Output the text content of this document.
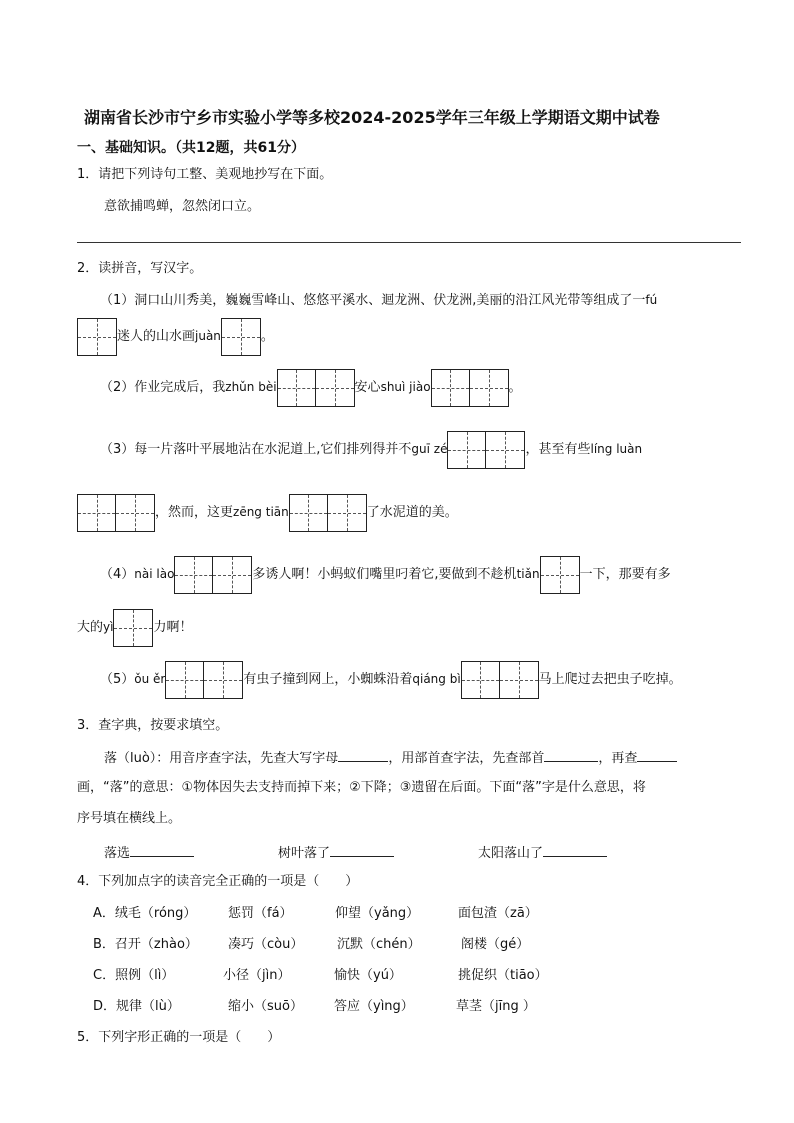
湖南省长沙市宁乡市实验小学等多校2024-2025学年三年级上学期语文期中试卷
一、基础知识。（共12题，共61分）
1．请把下列诗句工整、美观地抄写在下面。
意欲捕鸣蝉，忽然闭口立。
2．读拼音，写汉字。
（1）洞口山川秀美，巍巍雪峰山、悠悠平溪水、迴龙洲、伏龙洲,美丽的沿江风光带等组成了一fú
迷人的山水画juàn	。
（2）作业完成后，我zhǔn bèi	安心shuì jiào	。
（3）每一片落叶平展地沾在水泥道上,它们排列得并不guī zé	，甚至有些líng luàn
，然而，这更zēng tiān	了水泥道的美。
（4）nài lào	多诱人啊！小蚂蚁们嘴里叼着它,要做到不趁机tiǎn	一下，那要有多
大的yì	力啊！
（5）ǒu ěr	有虫子撞到网上，小蜘蛛沿着qiáng bì	马上爬过去把虫子吃掉。
3．查字典，按要求填空。
落（luò）：用音序查字法，先查大写字母	，用部首查字法，先查部首	，再查
画，“落”的意思：①物体因失去支持而掉下来；②下降；③遗留在后面。下面“落”字是什么意思，将
序号填在横线上。
落选	树叶落了	太阳落山了
4．下列加点字的读音完全正确的一项是（　　）
A．绒毛（róng） 惩罚（fá）	仰望（yǎng）	面包渣（zā）
B．召开（zhào） 凑巧（còu）	沉默（chén）	阁楼（gé）
C．照例（lì）	小径（jìn）	愉快（yú）	挑促织（tiāo）
D．规律（lù）	缩小（suō） 答应（yìng）	草茎（jīng ）
5．下列字形正确的一项是（　　）
